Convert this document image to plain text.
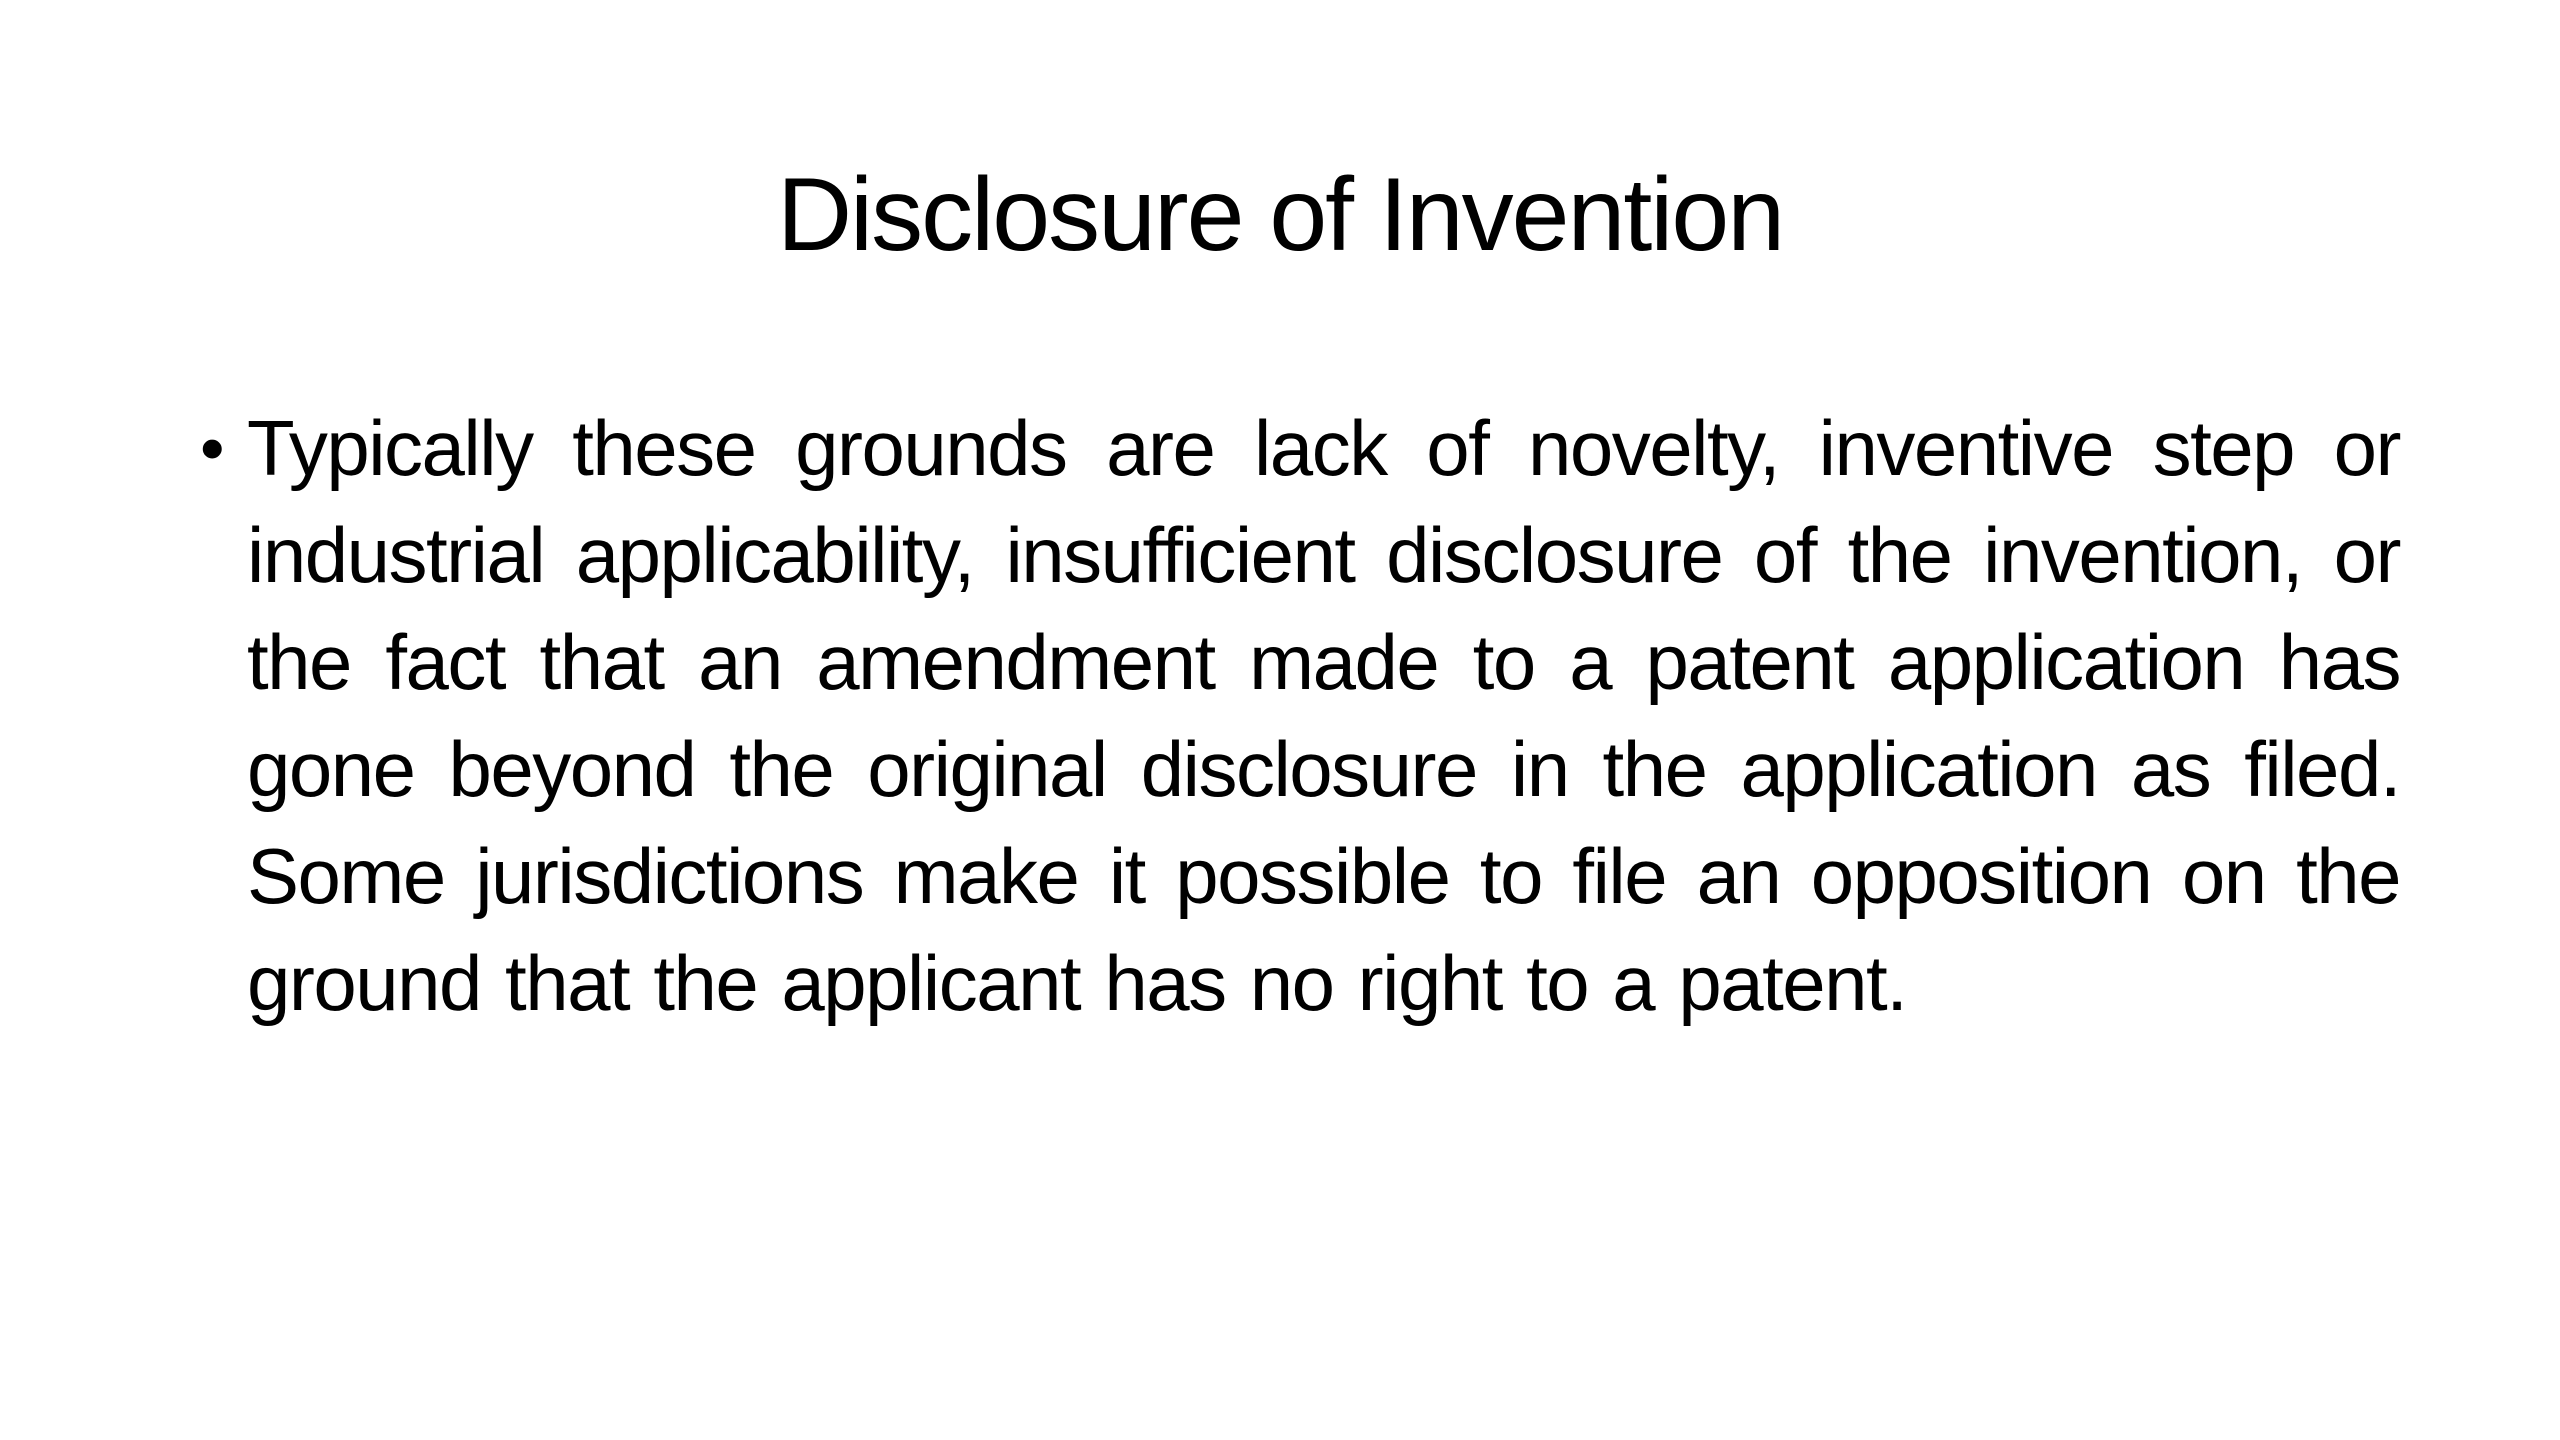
Disclosure of Invention
• Typically these grounds are lack of novelty, inventive step or industrial applicability, insufficient disclosure of the invention, or the fact that an amendment made to a patent application has gone beyond the original disclosure in the application as filed. Some jurisdictions make it possible to file an opposition on the ground that the applicant has no right to a patent.
